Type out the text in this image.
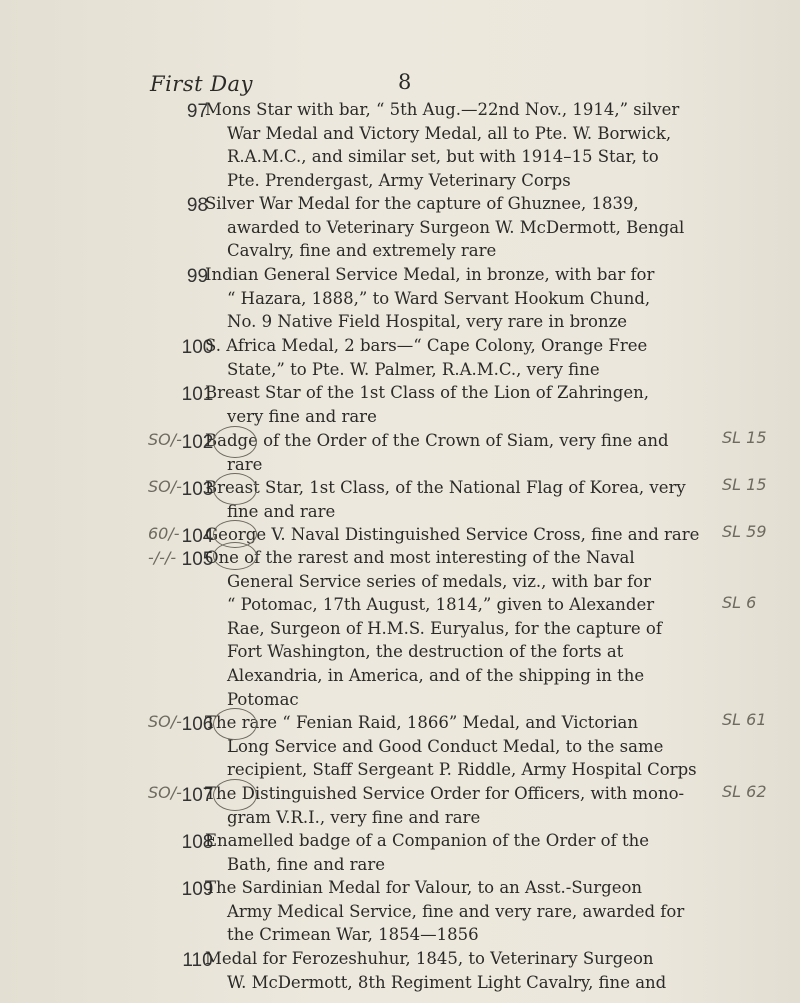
First Day	8
97
Mons Star with bar, “ 5th Aug.—22nd Nov., 1914,” silver
War Medal and Victory Medal, all to Pte. W. Borwick,
R.A.M.C., and similar set, but with 1914–15 Star, to
Pte. Prendergast, Army Veterinary Corps
98
Silver War Medal for the capture of Ghuznee, 1839,
awarded to Veterinary Surgeon W. McDermott, Bengal
Cavalry, fine and extremely rare
99
Indian General Service Medal, in bronze, with bar for
“ Hazara, 1888,” to Ward Servant Hookum Chund,
No. 9 Native Field Hospital, very rare in bronze
100
S. Africa Medal, 2 bars—“ Cape Colony, Orange Free
State,” to Pte. W. Palmer, R.A.M.C., very fine
101
Breast Star of the 1st Class of the Lion of Zahringen,
very fine and rare
102
Badge of the Order of the Crown of Siam, very fine and
rare
103
Breast Star, 1st Class, of the National Flag of Korea, very
fine and rare
104
George V. Naval Distinguished Service Cross, fine and rare
105
One of the rarest and most interesting of the Naval
General Service series of medals, viz., with bar for
“ Potomac, 17th August, 1814,” given to Alexander
Rae, Surgeon of H.M.S. Euryalus, for the capture of
Fort Washington, the destruction of the forts at
Alexandria, in America, and of the shipping in the
Potomac
106
The rare “ Fenian Raid, 1866” Medal, and Victorian
Long Service and Good Conduct Medal, to the same
recipient, Staff Sergeant P. Riddle, Army Hospital Corps
107
The Distinguished Service Order for Officers, with mono-
gram V.R.I., very fine and rare
108
Enamelled badge of a Companion of the Order of the
Bath, fine and rare
109
The Sardinian Medal for Valour, to an Asst.-Surgeon
Army Medical Service, fine and very rare, awarded for
the Crimean War, 1854—1856
110
Medal for Ferozeshuhur, 1845, to Veterinary Surgeon
W. McDermott, 8th Regiment Light Cavalry, fine and
SO/-
SO/-
60/-
-/-/-
SO/-
SO/-
SL 15
SL 15
SL 59
SL 6
SL 61
SL 62
